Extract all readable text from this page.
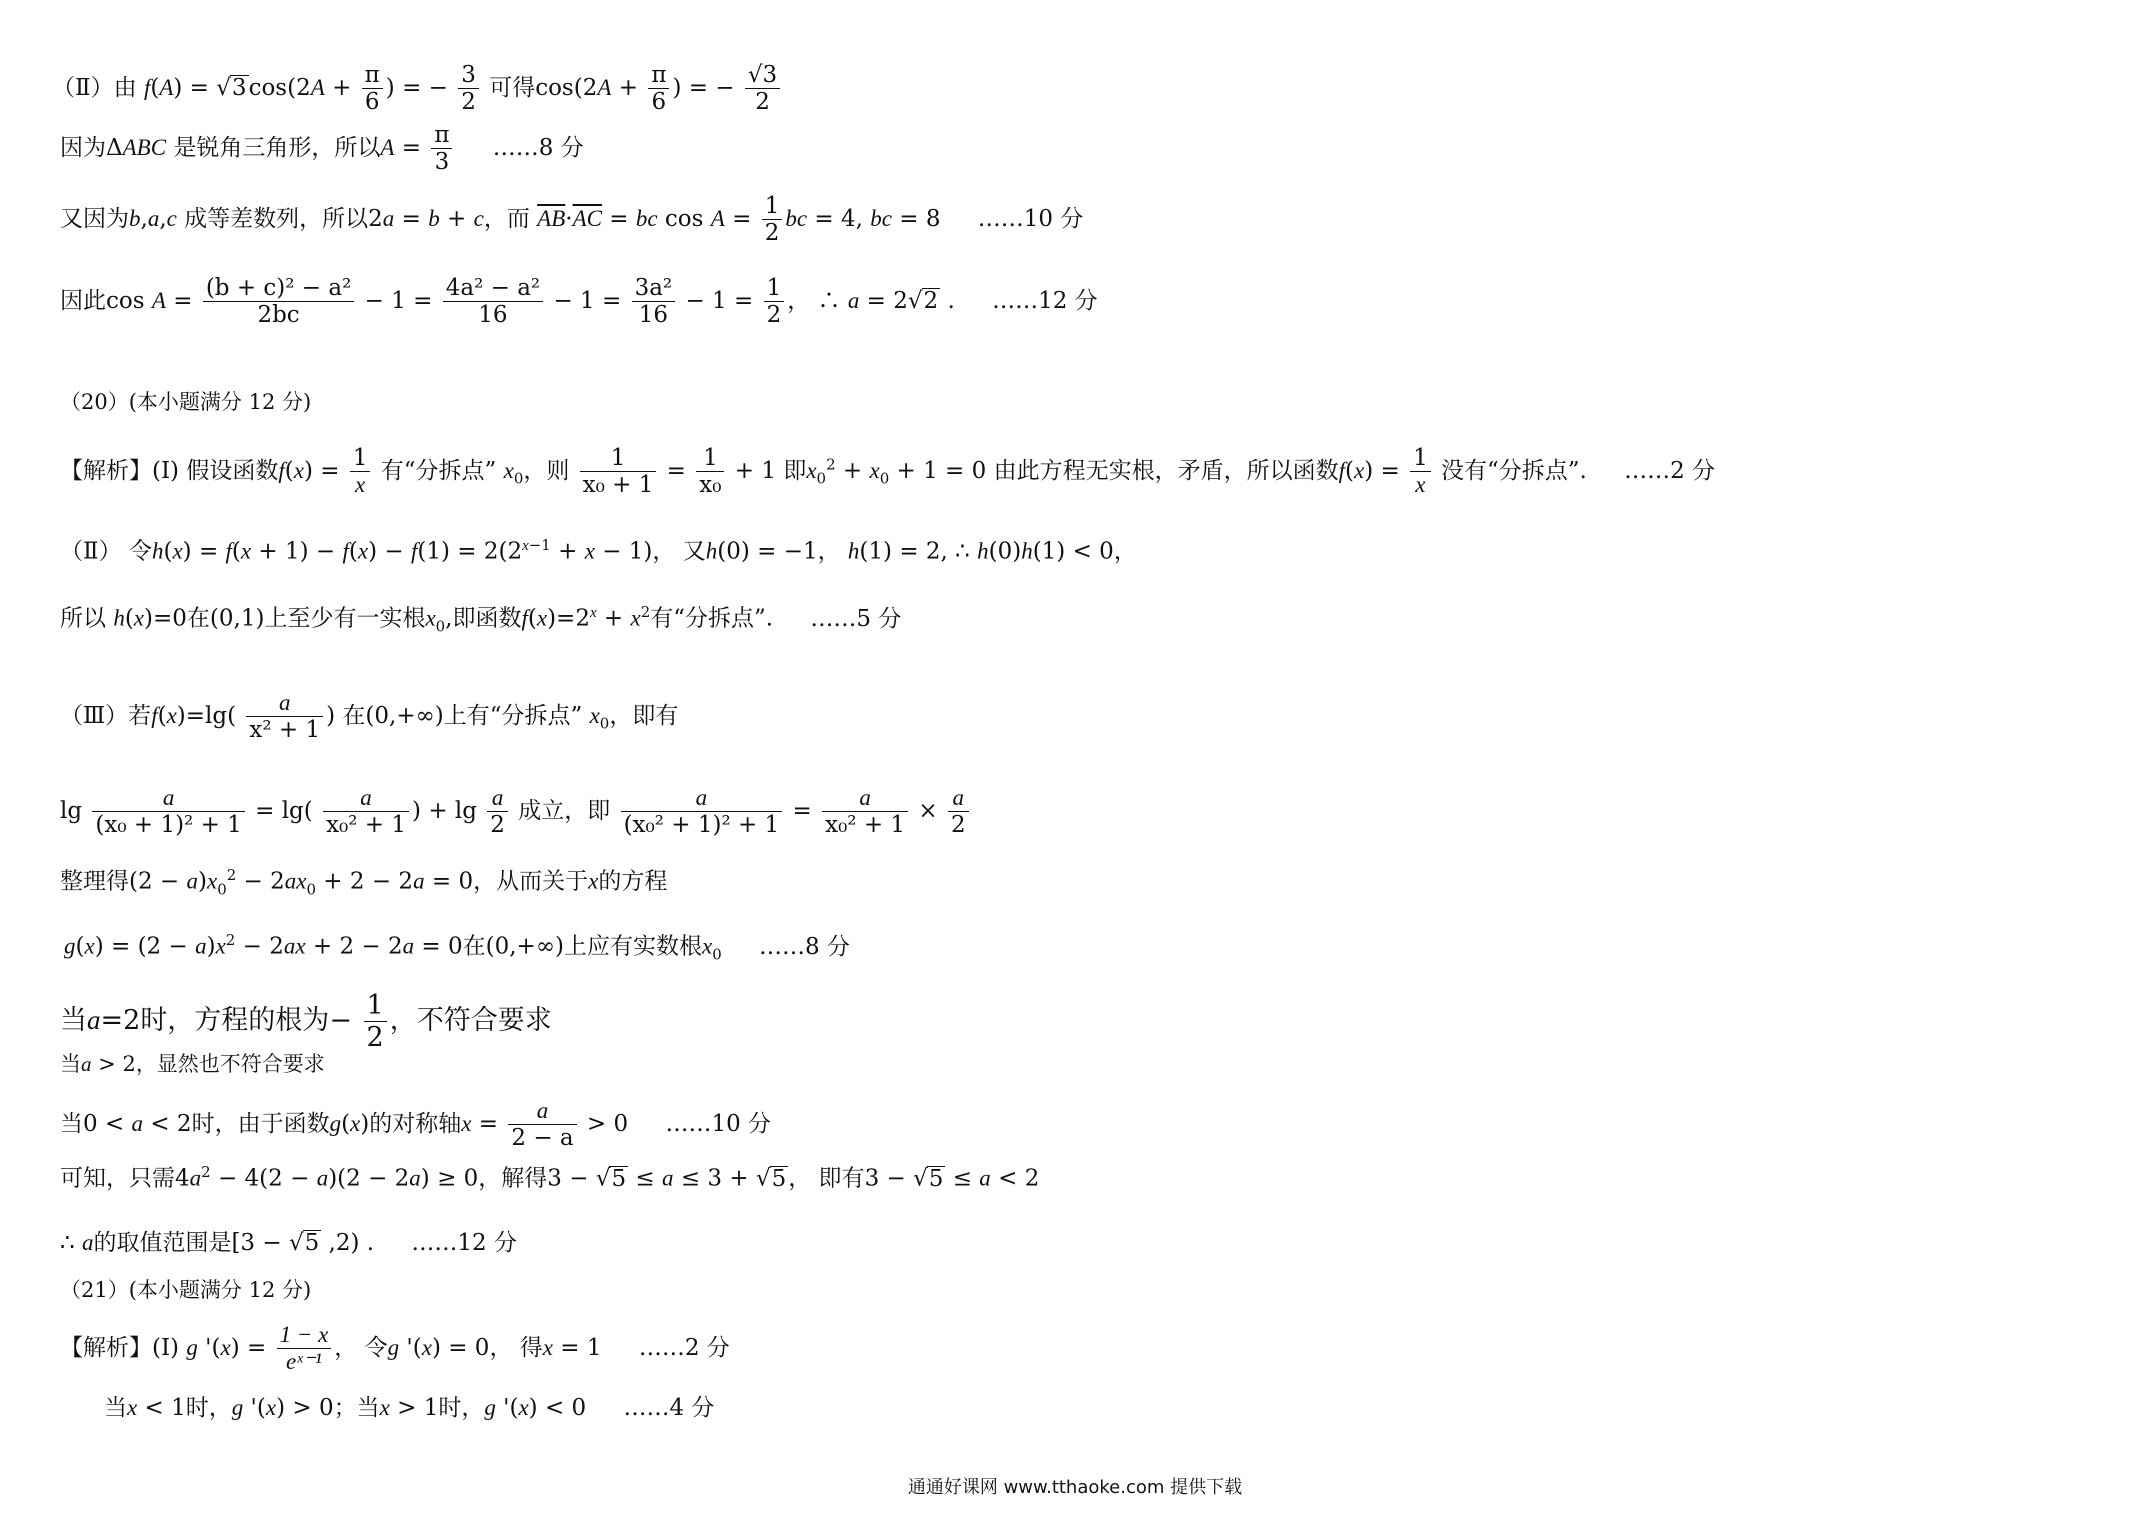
（Ⅱ）由 $f(A) = √3\cos(2A + \frac{\pi}{6}$ ) = − $\frac{3}{2}$ 可得$\cos(2A + \frac{\pi}{6}$ ) = − $\frac{√3}{2}$
因为ΔABC 是锐角三角形，所以$A = \frac{\pi}{3}$ ……8 分
又因为b,a,c 成等差数列，所以2a = b + c，而 $\overline{AB}\cdot\overline{AC}$ = bc $\cos A = \frac{1}{2}$ bc = 4, bc = 8 ……10 分
因此$\cos A = \frac{\text{(b + c)² − a²}}{2bc} - 1 = \frac{\text{4a² − a²}}{16} - 1 = \frac{\text{3a²}}{16} - 1 = \frac{1}{2}$ ， ∴ a = 2√2 . ……12 分
（20）(本小题满分 12 分)
【解析】(Ⅰ) 假设函数$f(x) = \frac{1}{x}$ 有“分拆点” $x_0$，则 $\frac{1}{\text{x₀ + 1}} = \frac{1}{\text{x₀}} + 1$ 即$x_0^2 + x_0 + 1 = 0$ 由此方程无实根，矛盾，所以函数$f(x) = \frac{1}{x}$ 没有“分拆点”. ……2 分
（Ⅱ） 令$h(x) = f(x + 1) - f(x) - f(1) = 2(2^{x-1} + x - 1)$， 又h(0) = −1， h(1) = 2, ∴ h(0)h(1) < 0，
所以 h(x)=0在(0,1)上至少有一实根$x_0$,即函数$f(x)=2^x + x^2$有“分拆点”. ……5 分
（Ⅲ）若$f(x)=\lg( \frac{a}{\text{x² + 1}}$ ) 在(0,+∞)上有“分拆点” $x_0$，即有
$\lg \frac{a}{\text{(x₀ + 1)² + 1}} = \lg( \frac{a}{\text{x₀² + 1}}$ ) + $\lg \frac{a}{2}$ 成立，即 $\frac{a}{\text{(x₀² + 1)² + 1}} = \frac{a}{\text{x₀² + 1}} \times \frac{a}{2}$
整理得$(2 - a)x_0^2 - 2ax_0 + 2 - 2a = 0$，从而关于x的方程
$g(x) = (2 - a)x^2 - 2ax + 2 - 2a = 0$在(0,+∞)上应有实数根$x_0$ ……8 分
当a=2时，方程的根为− $\frac{1}{2}$ ，不符合要求
当a > 2，显然也不符合要求
当0 < a < 2时，由于函数g(x)的对称轴$x = \frac{a}{2 - a} > 0$ ……10 分
可知，只需$4a^2 - 4(2 - a)(2 - 2a) \ge 0$，解得3 − √5 ≤ a ≤ 3 + √5， 即有3 − √5 ≤ a < 2
∴ a的取值范围是[3 − √5 ,2) . ……12 分
（21）(本小题满分 12 分)
【解析】(Ⅰ) g '$(x) = \frac{1 - x}{\text{eˣ⁻¹}}$ ， 令g '(x) = 0， 得x = 1 ……2 分
当x < 1时，g '(x) > 0；当x > 1时，g '(x) < 0 ……4 分
通通好课网 www.tthaoke.com 提供下载
